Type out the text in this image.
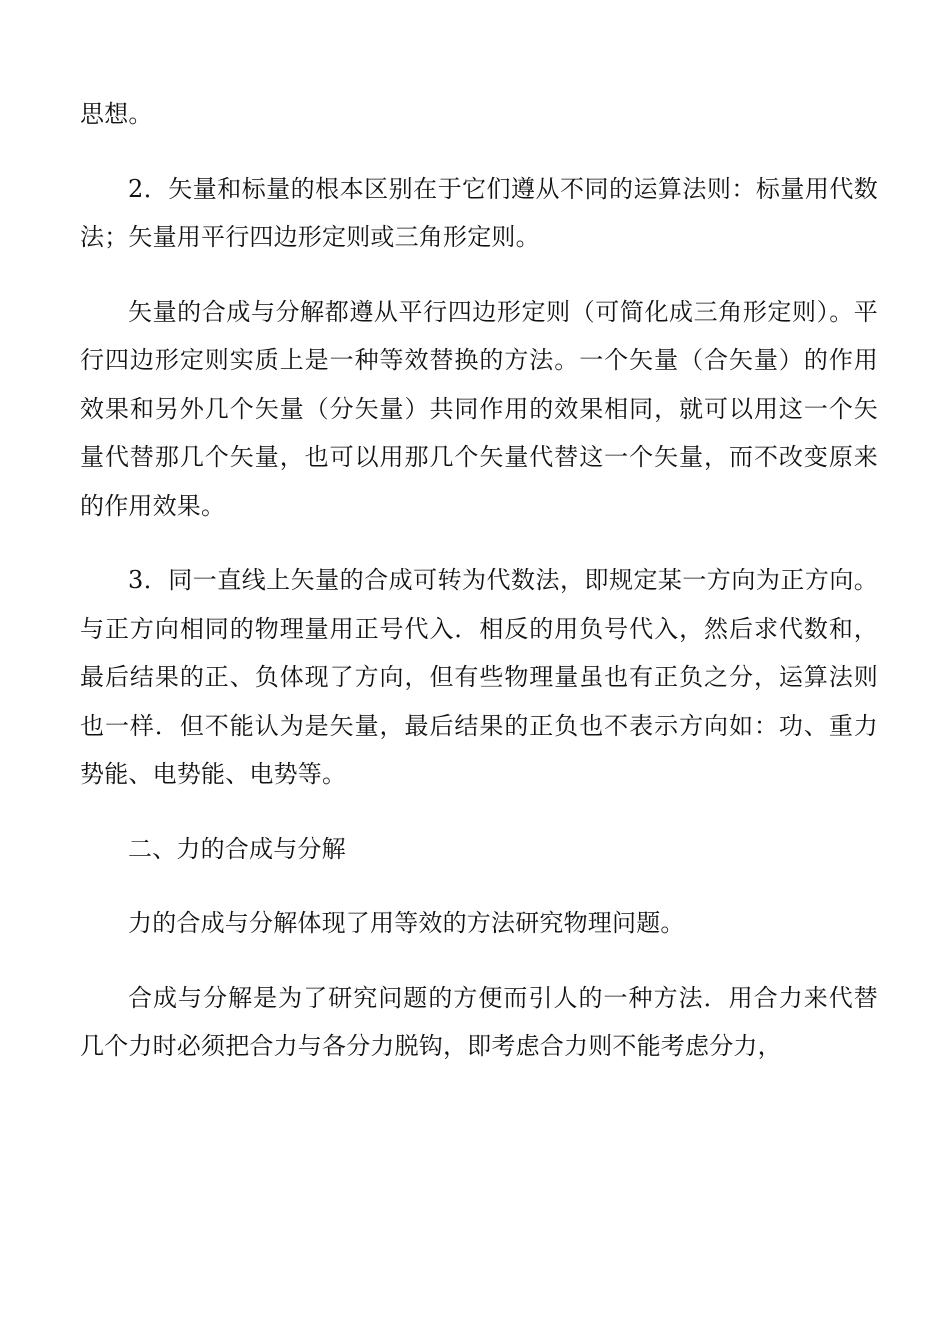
思想。

2．矢量和标量的根本区别在于它们遵从不同的运算法则：标量用代数法；矢量用平行四边形定则或三角形定则。

矢量的合成与分解都遵从平行四边形定则（可简化成三角形定则）。平行四边形定则实质上是一种等效替换的方法。一个矢量（合矢量）的作用效果和另外几个矢量（分矢量）共同作用的效果相同，就可以用这一个矢量代替那几个矢量，也可以用那几个矢量代替这一个矢量，而不改变原来的作用效果。

3．同一直线上矢量的合成可转为代数法，即规定某一方向为正方向。与正方向相同的物理量用正号代入．相反的用负号代入，然后求代数和，最后结果的正、负体现了方向，但有些物理量虽也有正负之分，运算法则也一样．但不能认为是矢量，最后结果的正负也不表示方向如：功、重力势能、电势能、电势等。

二、力的合成与分解

力的合成与分解体现了用等效的方法研究物理问题。

合成与分解是为了研究问题的方便而引人的一种方法．用合力来代替几个力时必须把合力与各分力脱钩，即考虑合力则不能考虑分力，
